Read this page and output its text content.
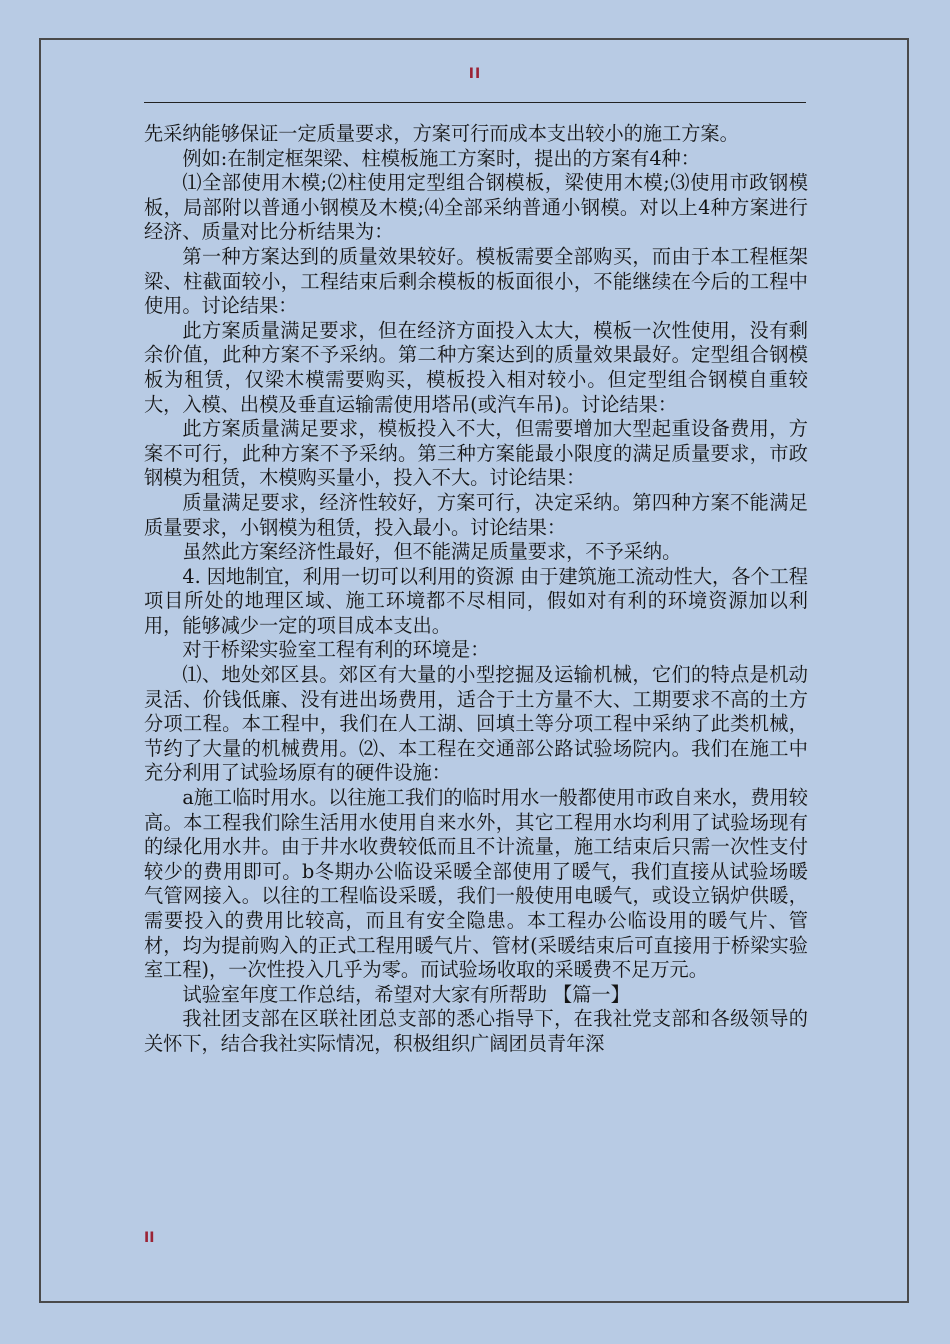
II

先采纳能够保证一定质量要求，方案可行而成本支出较小的施工方案。

例如:在制定框架梁、柱模板施工方案时，提出的方案有4种：

⑴全部使用木模;⑵柱使用定型组合钢模板，梁使用木模;⑶使用市政钢模板，局部附以普通小钢模及木模;⑷全部采纳普通小钢模。对以上4种方案进行经济、质量对比分析结果为：

第一种方案达到的质量效果较好。模板需要全部购买，而由于本工程框架梁、柱截面较小，工程结束后剩余模板的板面很小，不能继续在今后的工程中使用。讨论结果：

此方案质量满足要求，但在经济方面投入太大，模板一次性使用，没有剩余价值，此种方案不予采纳。第二种方案达到的质量效果最好。定型组合钢模板为租赁，仅梁木模需要购买，模板投入相对较小。但定型组合钢模自重较大，入模、出模及垂直运输需使用塔吊(或汽车吊)。讨论结果：

此方案质量满足要求，模板投入不大，但需要增加大型起重设备费用，方案不可行，此种方案不予采纳。第三种方案能最小限度的满足质量要求，市政钢模为租赁，木模购买量小，投入不大。讨论结果：

质量满足要求，经济性较好，方案可行，决定采纳。第四种方案不能满足质量要求，小钢模为租赁，投入最小。讨论结果：

虽然此方案经济性最好，但不能满足质量要求，不予采纳。

4. 因地制宜，利用一切可以利用的资源 由于建筑施工流动性大，各个工程项目所处的地理区域、施工环境都不尽相同，假如对有利的环境资源加以利用，能够减少一定的项目成本支出。

对于桥梁实验室工程有利的环境是：

⑴、地处郊区县。郊区有大量的小型挖掘及运输机械，它们的特点是机动灵活、价钱低廉、没有进出场费用，适合于土方量不大、工期要求不高的土方分项工程。本工程中，我们在人工湖、回填土等分项工程中采纳了此类机械，节约了大量的机械费用。⑵、本工程在交通部公路试验场院内。我们在施工中充分利用了试验场原有的硬件设施：

a施工临时用水。以往施工我们的临时用水一般都使用市政自来水，费用较高。本工程我们除生活用水使用自来水外，其它工程用水均利用了试验场现有的绿化用水井。由于井水收费较低而且不计流量，施工结束后只需一次性支付较少的费用即可。b冬期办公临设采暖全部使用了暖气，我们直接从试验场暖气管网接入。以往的工程临设采暖，我们一般使用电暖气，或设立锅炉供暖，需要投入的费用比较高，而且有安全隐患。本工程办公临设用的暖气片、管材，均为提前购入的正式工程用暖气片、管材(采暖结束后可直接用于桥梁实验室工程)，一次性投入几乎为零。而试验场收取的采暖费不足万元。

试验室年度工作总结，希望对大家有所帮助 【篇一】

我社团支部在区联社团总支部的悉心指导下，在我社党支部和各级领导的关怀下，结合我社实际情况，积极组织广阔团员青年深

II
